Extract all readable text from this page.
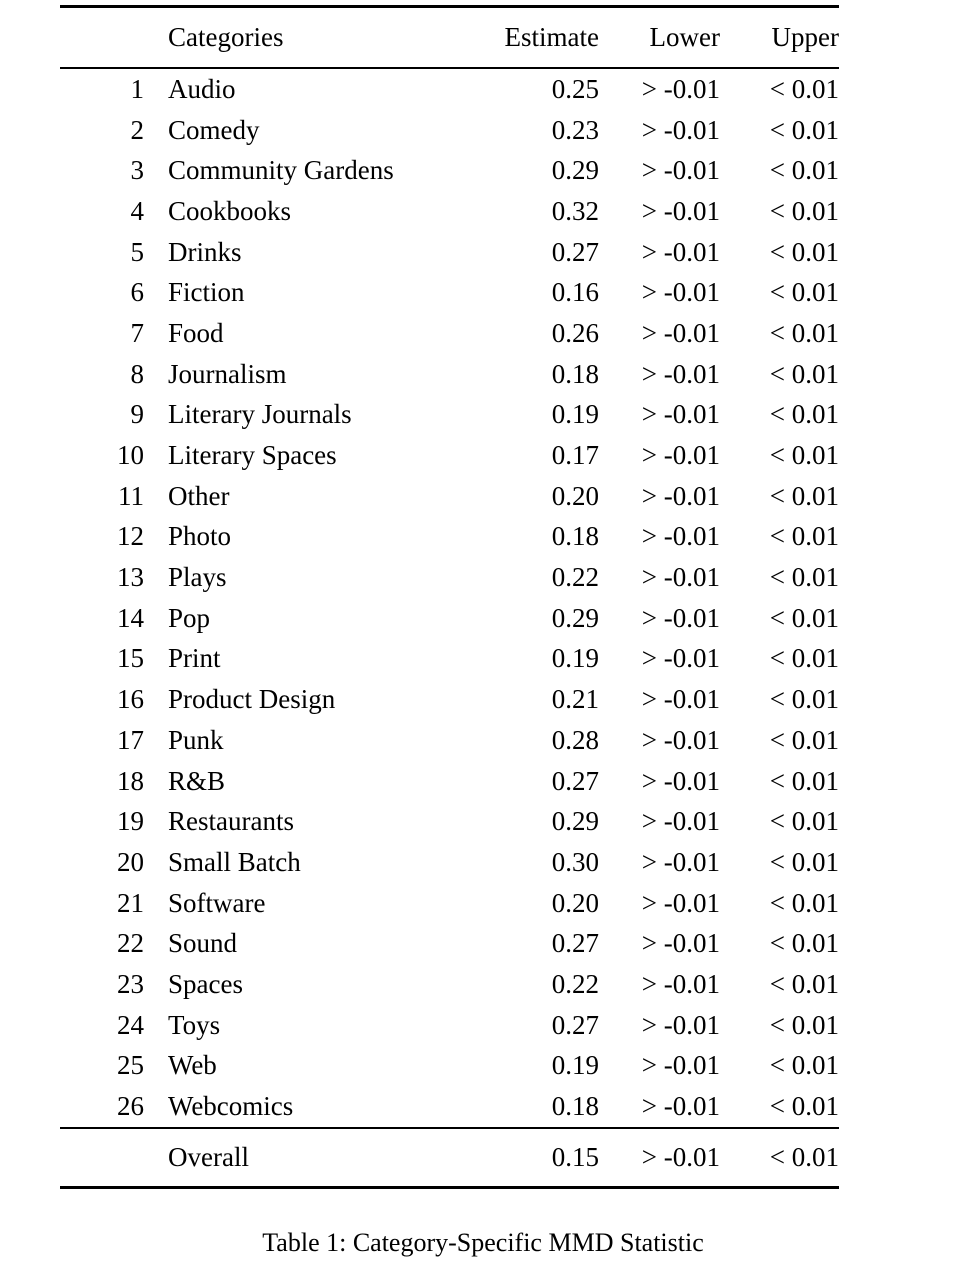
	Categories	Estimate	Lower	Upper

1	Audio	0.25	> -0.01	< 0.01
2	Comedy	0.23	> -0.01	< 0.01
3	Community Gardens	0.29	> -0.01	< 0.01
4	Cookbooks	0.32	> -0.01	< 0.01
5	Drinks	0.27	> -0.01	< 0.01
6	Fiction	0.16	> -0.01	< 0.01
7	Food	0.26	> -0.01	< 0.01
8	Journalism	0.18	> -0.01	< 0.01
9	Literary Journals	0.19	> -0.01	< 0.01
10	Literary Spaces	0.17	> -0.01	< 0.01
11	Other	0.20	> -0.01	< 0.01
12	Photo	0.18	> -0.01	< 0.01
13	Plays	0.22	> -0.01	< 0.01
14	Pop	0.29	> -0.01	< 0.01
15	Print	0.19	> -0.01	< 0.01
16	Product Design	0.21	> -0.01	< 0.01
17	Punk	0.28	> -0.01	< 0.01
18	R&B	0.27	> -0.01	< 0.01
19	Restaurants	0.29	> -0.01	< 0.01
20	Small Batch	0.30	> -0.01	< 0.01
21	Software	0.20	> -0.01	< 0.01
22	Sound	0.27	> -0.01	< 0.01
23	Spaces	0.22	> -0.01	< 0.01
24	Toys	0.27	> -0.01	< 0.01
25	Web	0.19	> -0.01	< 0.01
26	Webcomics	0.18	> -0.01	< 0.01

	Overall	0.15	> -0.01	< 0.01

Table 1: Category-Specific MMD Statistic
